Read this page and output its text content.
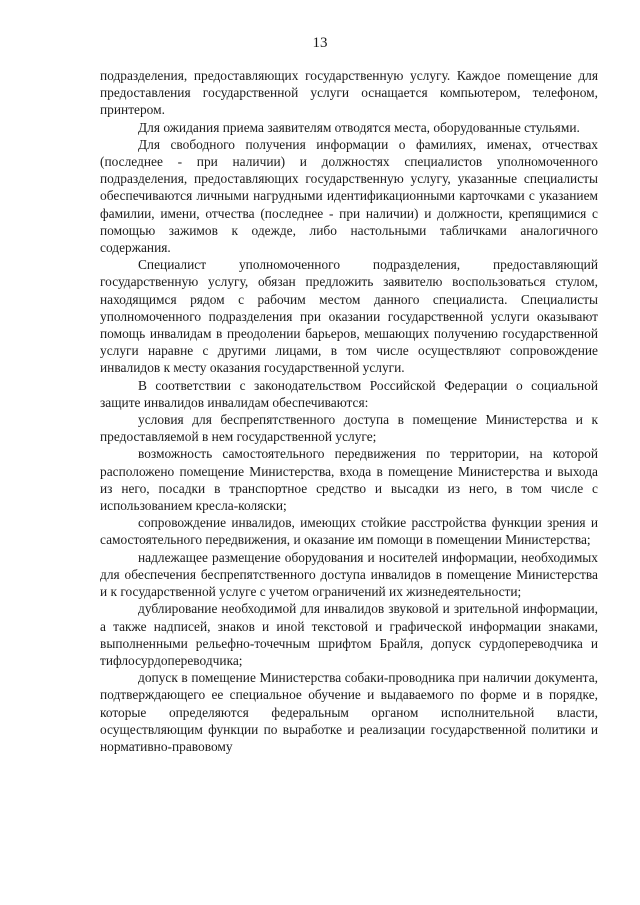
13

подразделения, предоставляющих государственную услугу. Каждое помещение для предоставления государственной услуги оснащается компьютером, телефоном, принтером.

Для ожидания приема заявителям отводятся места, оборудованные стульями.

Для свободного получения информации о фамилиях, именах, отчествах (последнее - при наличии) и должностях специалистов уполномоченного подразделения, предоставляющих государственную услугу, указанные специалисты обеспечиваются личными нагрудными идентификационными карточками с указанием фамилии, имени, отчества (последнее - при наличии) и должности, крепящимися с помощью зажимов к одежде, либо настольными табличками аналогичного содержания.

Специалист уполномоченного подразделения, предоставляющий государственную услугу, обязан предложить заявителю воспользоваться стулом, находящимся рядом с рабочим местом данного специалиста. Специалисты уполномоченного подразделения при оказании государственной услуги оказывают помощь инвалидам в преодолении барьеров, мешающих получению государственной услуги наравне с другими лицами, в том числе осуществляют сопровождение инвалидов к месту оказания государственной услуги.

В соответствии с законодательством Российской Федерации о социальной защите инвалидов инвалидам обеспечиваются:

условия для беспрепятственного доступа в помещение Министерства и к предоставляемой в нем государственной услуге;

возможность самостоятельного передвижения по территории, на которой расположено помещение Министерства, входа в помещение Министерства и выхода из него, посадки в транспортное средство и высадки из него, в том числе с использованием кресла-коляски;

сопровождение инвалидов, имеющих стойкие расстройства функции зрения и самостоятельного передвижения, и оказание им помощи в помещении Министерства;

надлежащее размещение оборудования и носителей информации, необходимых для обеспечения беспрепятственного доступа инвалидов в помещение Министерства и к государственной услуге с учетом ограничений их жизнедеятельности;

дублирование необходимой для инвалидов звуковой и зрительной информации, а также надписей, знаков и иной текстовой и графической информации знаками, выполненными рельефно-точечным шрифтом Брайля, допуск сурдопереводчика и тифлосурдопереводчика;

допуск в помещение Министерства собаки-проводника при наличии документа, подтверждающего ее специальное обучение и выдаваемого по форме и в порядке, которые определяются федеральным органом исполнительной власти, осуществляющим функции по выработке и реализации государственной политики и нормативно-правовому
